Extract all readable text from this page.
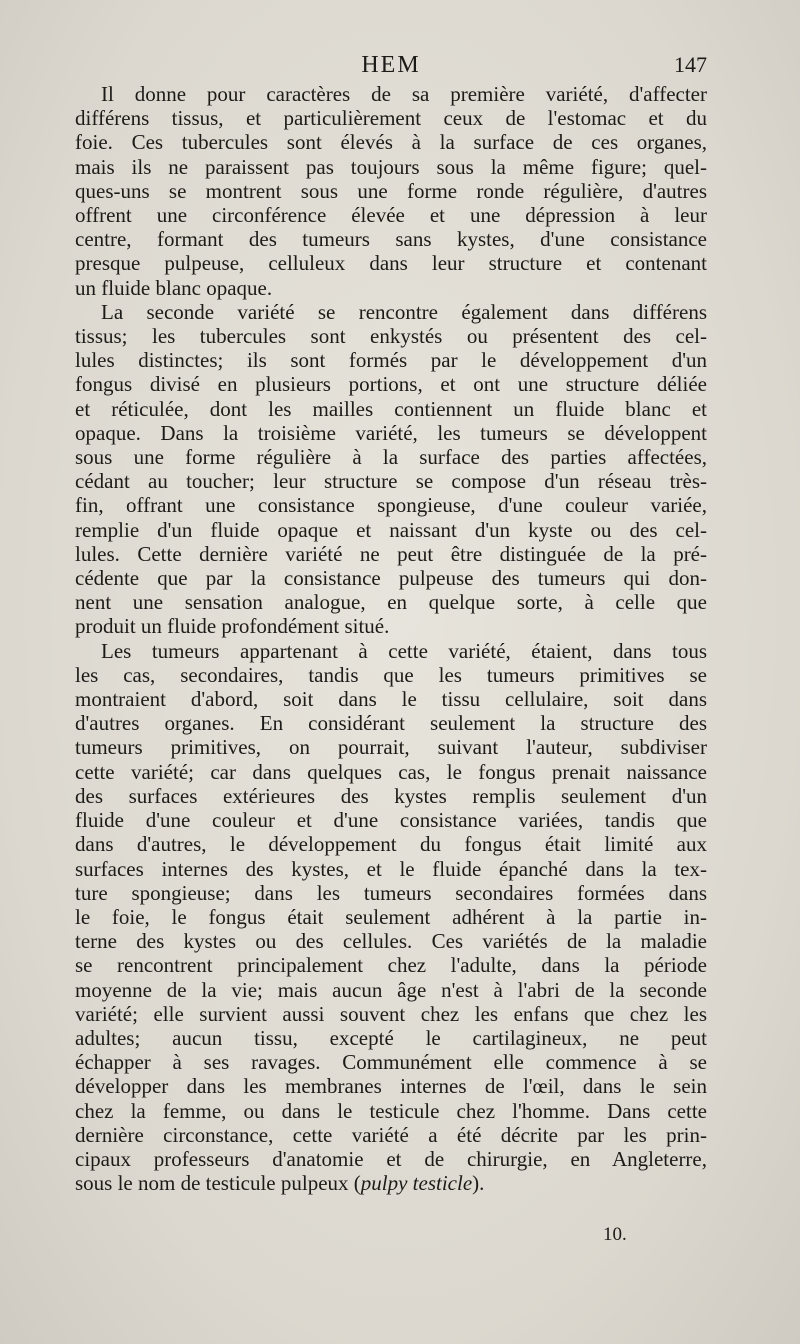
HEM	147
Il donne pour caractères de sa première variété, d'affecter
différens tissus, et particulièrement ceux de l'estomac et du
foie. Ces tubercules sont élevés à la surface de ces organes,
mais ils ne paraissent pas toujours sous la même figure; quel-
ques-uns se montrent sous une forme ronde régulière, d'autres
offrent une circonférence élevée et une dépression à leur
centre, formant des tumeurs sans kystes, d'une consistance
presque pulpeuse, celluleux dans leur structure et contenant
un fluide blanc opaque.
La seconde variété se rencontre également dans différens
tissus; les tubercules sont enkystés ou présentent des cel-
lules distinctes; ils sont formés par le développement d'un
fongus divisé en plusieurs portions, et ont une structure déliée
et réticulée, dont les mailles contiennent un fluide blanc et
opaque. Dans la troisième variété, les tumeurs se développent
sous une forme régulière à la surface des parties affectées,
cédant au toucher; leur structure se compose d'un réseau très-
fin, offrant une consistance spongieuse, d'une couleur variée,
remplie d'un fluide opaque et naissant d'un kyste ou des cel-
lules. Cette dernière variété ne peut être distinguée de la pré-
cédente que par la consistance pulpeuse des tumeurs qui don-
nent une sensation analogue, en quelque sorte, à celle que
produit un fluide profondément situé.
Les tumeurs appartenant à cette variété, étaient, dans tous
les cas, secondaires, tandis que les tumeurs primitives se
montraient d'abord, soit dans le tissu cellulaire, soit dans
d'autres organes. En considérant seulement la structure des
tumeurs primitives, on pourrait, suivant l'auteur, subdiviser
cette variété; car dans quelques cas, le fongus prenait naissance
des surfaces extérieures des kystes remplis seulement d'un
fluide d'une couleur et d'une consistance variées, tandis que
dans d'autres, le développement du fongus était limité aux
surfaces internes des kystes, et le fluide épanché dans la tex-
ture spongieuse; dans les tumeurs secondaires formées dans
le foie, le fongus était seulement adhérent à la partie in-
terne des kystes ou des cellules. Ces variétés de la maladie
se rencontrent principalement chez l'adulte, dans la période
moyenne de la vie; mais aucun âge n'est à l'abri de la seconde
variété; elle survient aussi souvent chez les enfans que chez les
adultes; aucun tissu, excepté le cartilagineux, ne peut
échapper à ses ravages. Communément elle commence à se
développer dans les membranes internes de l'œil, dans le sein
chez la femme, ou dans le testicule chez l'homme. Dans cette
dernière circonstance, cette variété a été décrite par les prin-
cipaux professeurs d'anatomie et de chirurgie, en Angleterre,
sous le nom de testicule pulpeux (pulpy testicle).
10.
